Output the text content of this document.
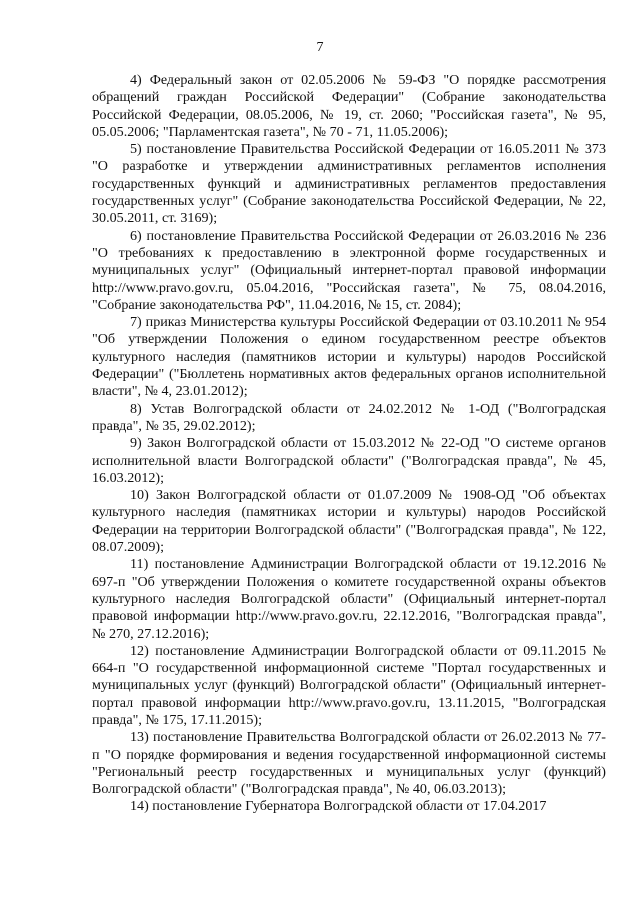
7

4) Федеральный закон от 02.05.2006 № 59-ФЗ "О порядке рассмотрения обращений граждан Российской Федерации" (Собрание законодательства Российской Федерации, 08.05.2006, № 19, ст. 2060; "Российская газета", № 95, 05.05.2006; "Парламентская газета", № 70 - 71, 11.05.2006);

5) постановление Правительства Российской Федерации от 16.05.2011 № 373 "О разработке и утверждении административных регламентов исполнения государственных функций и административных регламентов предоставления государственных услуг" (Собрание законодательства Российской Федерации, № 22, 30.05.2011, ст. 3169);

6) постановление Правительства Российской Федерации от 26.03.2016 № 236 "О требованиях к предоставлению в электронной форме государственных и муниципальных услуг" (Официальный интернет-портал правовой информации http://www.pravo.gov.ru, 05.04.2016, "Российская газета", № 75, 08.04.2016, "Собрание законодательства РФ", 11.04.2016, № 15, ст. 2084);

7) приказ Министерства культуры Российской Федерации от 03.10.2011 № 954 "Об утверждении Положения о едином государственном реестре объектов культурного наследия (памятников истории и культуры) народов Российской Федерации" ("Бюллетень нормативных актов федеральных органов исполнительной власти", № 4, 23.01.2012);

8) Устав Волгоградской области от 24.02.2012 № 1-ОД ("Волгоградская правда", № 35, 29.02.2012);

9) Закон Волгоградской области от 15.03.2012 № 22-ОД "О системе органов исполнительной власти Волгоградской области" ("Волгоградская правда", № 45, 16.03.2012);

10) Закон Волгоградской области от 01.07.2009 № 1908-ОД "Об объектах культурного наследия (памятниках истории и культуры) народов Российской Федерации на территории Волгоградской области" ("Волгоградская правда", № 122, 08.07.2009);

11) постановление Администрации Волгоградской области от 19.12.2016 № 697-п "Об утверждении Положения о комитете государственной охраны объектов культурного наследия Волгоградской области" (Официальный интернет-портал правовой информации http://www.pravo.gov.ru, 22.12.2016, "Волгоградская правда", № 270, 27.12.2016);

12) постановление Администрации Волгоградской области от 09.11.2015 № 664-п "О государственной информационной системе "Портал государственных и муниципальных услуг (функций) Волгоградской области" (Официальный интернет-портал правовой информации http://www.pravo.gov.ru, 13.11.2015, "Волгоградская правда", № 175, 17.11.2015);

13) постановление Правительства Волгоградской области от 26.02.2013 № 77-п "О порядке формирования и ведения государственной информационной системы "Региональный реестр государственных и муниципальных услуг (функций) Волгоградской области" ("Волгоградская правда", № 40, 06.03.2013);

14) постановление Губернатора Волгоградской области от 17.04.2017
